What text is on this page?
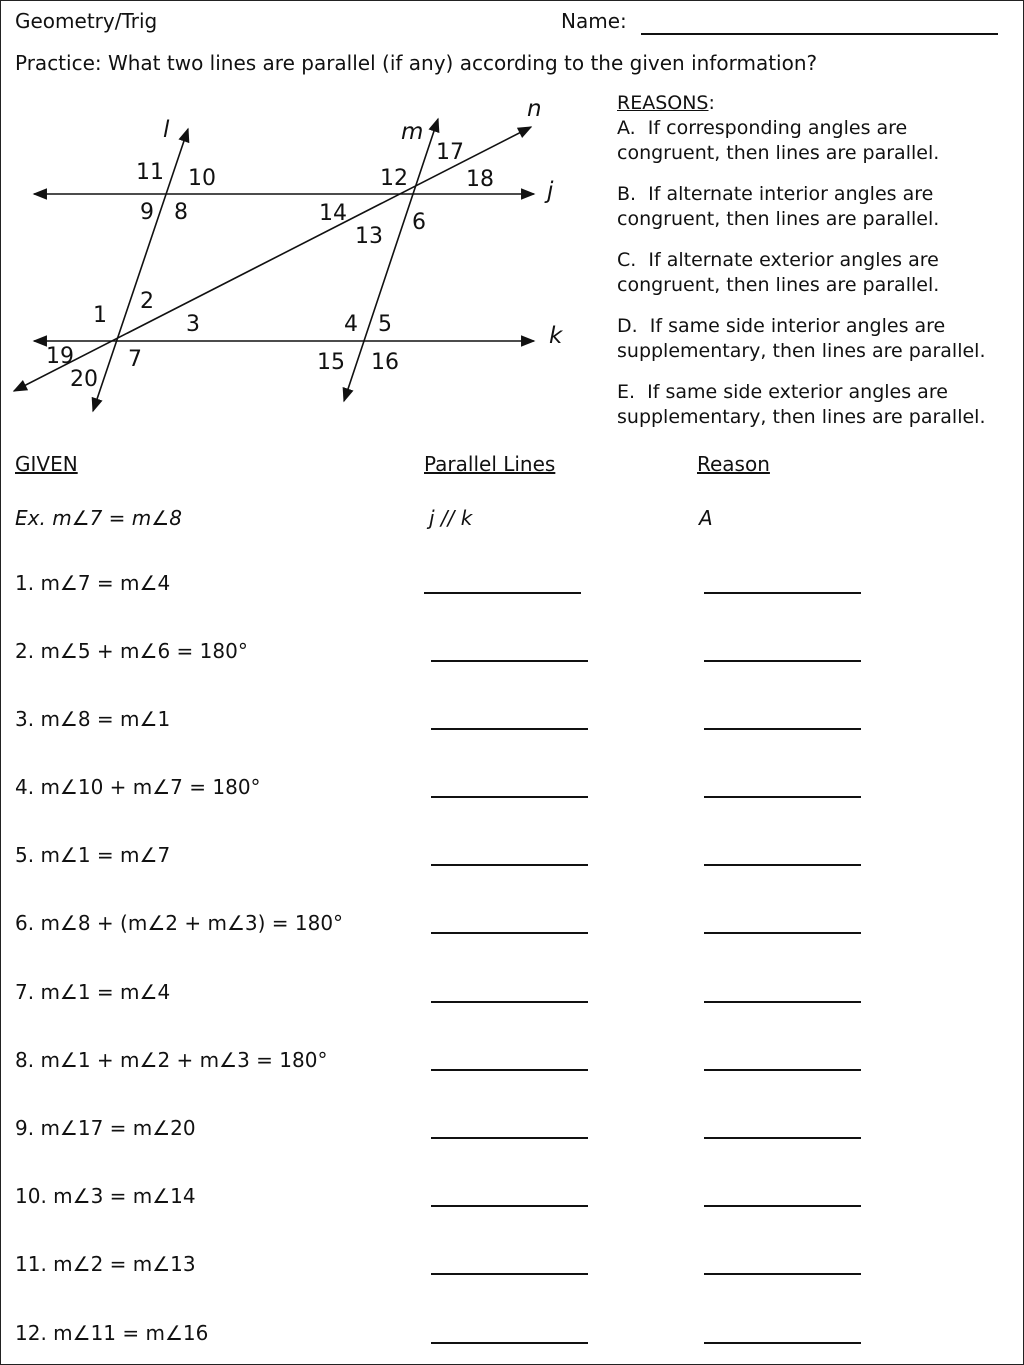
Geometry/Trig	Name:
Practice: What two lines are parallel (if any) according to the given information?
l	m
n
j
k
1
2
3	4 5
6
7
8
9
10
11	12
13
14
15 16
17
18
19
20
REASONS:
A. If corresponding angles are congruent, then lines are parallel.
B. If alternate interior angles are congruent, then lines are parallel.
C. If alternate exterior angles are congruent, then lines are parallel.
D. If same side interior angles are supplementary, then lines are parallel.
E. If same side exterior angles are supplementary, then lines are parallel.
GIVEN	Parallel Lines	Reason
Ex. m∠7 = m∠8	j // k	A
1. m∠7 = m∠4
2. m∠5 + m∠6 = 180°
3. m∠8 = m∠1
4. m∠10 + m∠7 = 180°
5. m∠1 = m∠7
6. m∠8 + (m∠2 + m∠3) = 180°
7. m∠1 = m∠4
8. m∠1 + m∠2 + m∠3 = 180°
9. m∠17 = m∠20
10. m∠3 = m∠14
11. m∠2 = m∠13
12. m∠11 = m∠16
